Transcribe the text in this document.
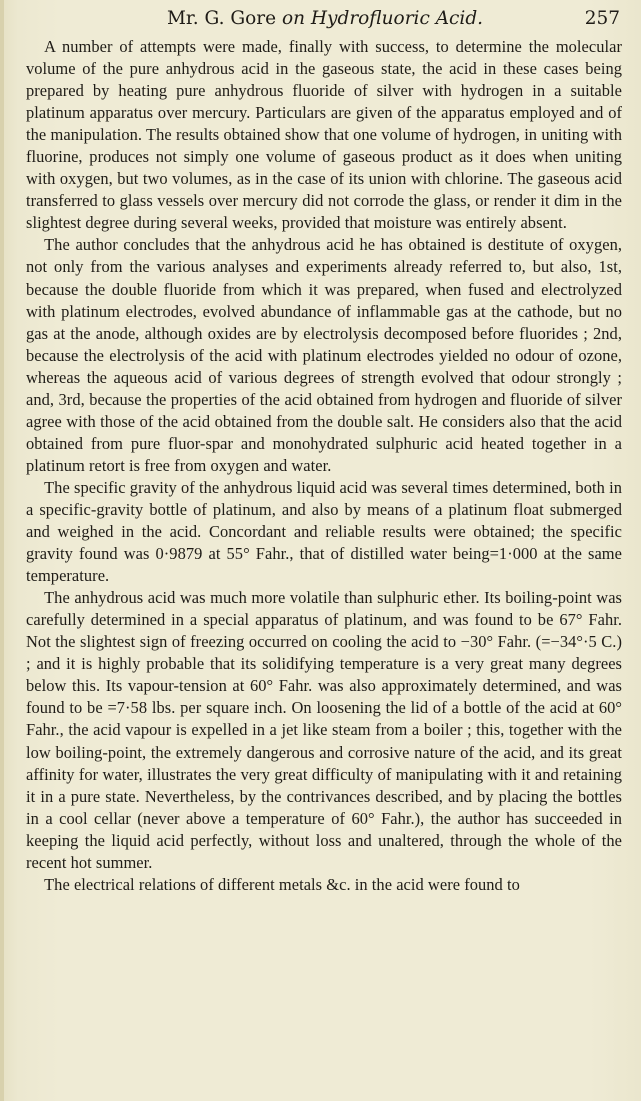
Mr. G. Gore on Hydrofluoric Acid.	257

A number of attempts were made, finally with success, to determine the molecular volume of the pure anhydrous acid in the gaseous state, the acid in these cases being prepared by heating pure anhydrous fluoride of silver with hydrogen in a suitable platinum apparatus over mercury. Particulars are given of the apparatus employed and of the manipulation. The results obtained show that one volume of hydrogen, in uniting with fluorine, produces not simply one volume of gaseous product as it does when uniting with oxygen, but two volumes, as in the case of its union with chlorine. The gaseous acid transferred to glass vessels over mercury did not corrode the glass, or render it dim in the slightest degree during several weeks, provided that moisture was entirely absent.

The author concludes that the anhydrous acid he has obtained is destitute of oxygen, not only from the various analyses and experiments already referred to, but also, 1st, because the double fluoride from which it was prepared, when fused and electrolyzed with platinum electrodes, evolved abundance of inflammable gas at the cathode, but no gas at the anode, although oxides are by electrolysis decomposed before fluorides ; 2nd, because the electrolysis of the acid with platinum electrodes yielded no odour of ozone, whereas the aqueous acid of various degrees of strength evolved that odour strongly ; and, 3rd, because the properties of the acid obtained from hydrogen and fluoride of silver agree with those of the acid obtained from the double salt. He considers also that the acid obtained from pure fluor-spar and monohydrated sulphuric acid heated together in a platinum retort is free from oxygen and water.

The specific gravity of the anhydrous liquid acid was several times determined, both in a specific-gravity bottle of platinum, and also by means of a platinum float submerged and weighed in the acid. Concordant and reliable results were obtained; the specific gravity found was 0·9879 at 55° Fahr., that of distilled water being=1·000 at the same temperature.

The anhydrous acid was much more volatile than sulphuric ether. Its boiling-point was carefully determined in a special apparatus of platinum, and was found to be 67° Fahr. Not the slightest sign of freezing occurred on cooling the acid to −30° Fahr. (=−34°·5 C.) ; and it is highly probable that its solidifying temperature is a very great many degrees below this. Its vapour-tension at 60° Fahr. was also approximately determined, and was found to be =7·58 lbs. per square inch. On loosening the lid of a bottle of the acid at 60° Fahr., the acid vapour is expelled in a jet like steam from a boiler ; this, together with the low boiling-point, the extremely dangerous and corrosive nature of the acid, and its great affinity for water, illustrates the very great difficulty of manipulating with it and retaining it in a pure state. Nevertheless, by the contrivances described, and by placing the bottles in a cool cellar (never above a temperature of 60° Fahr.), the author has succeeded in keeping the liquid acid perfectly, without loss and unaltered, through the whole of the recent hot summer.

The electrical relations of different metals &c. in the acid were found to
